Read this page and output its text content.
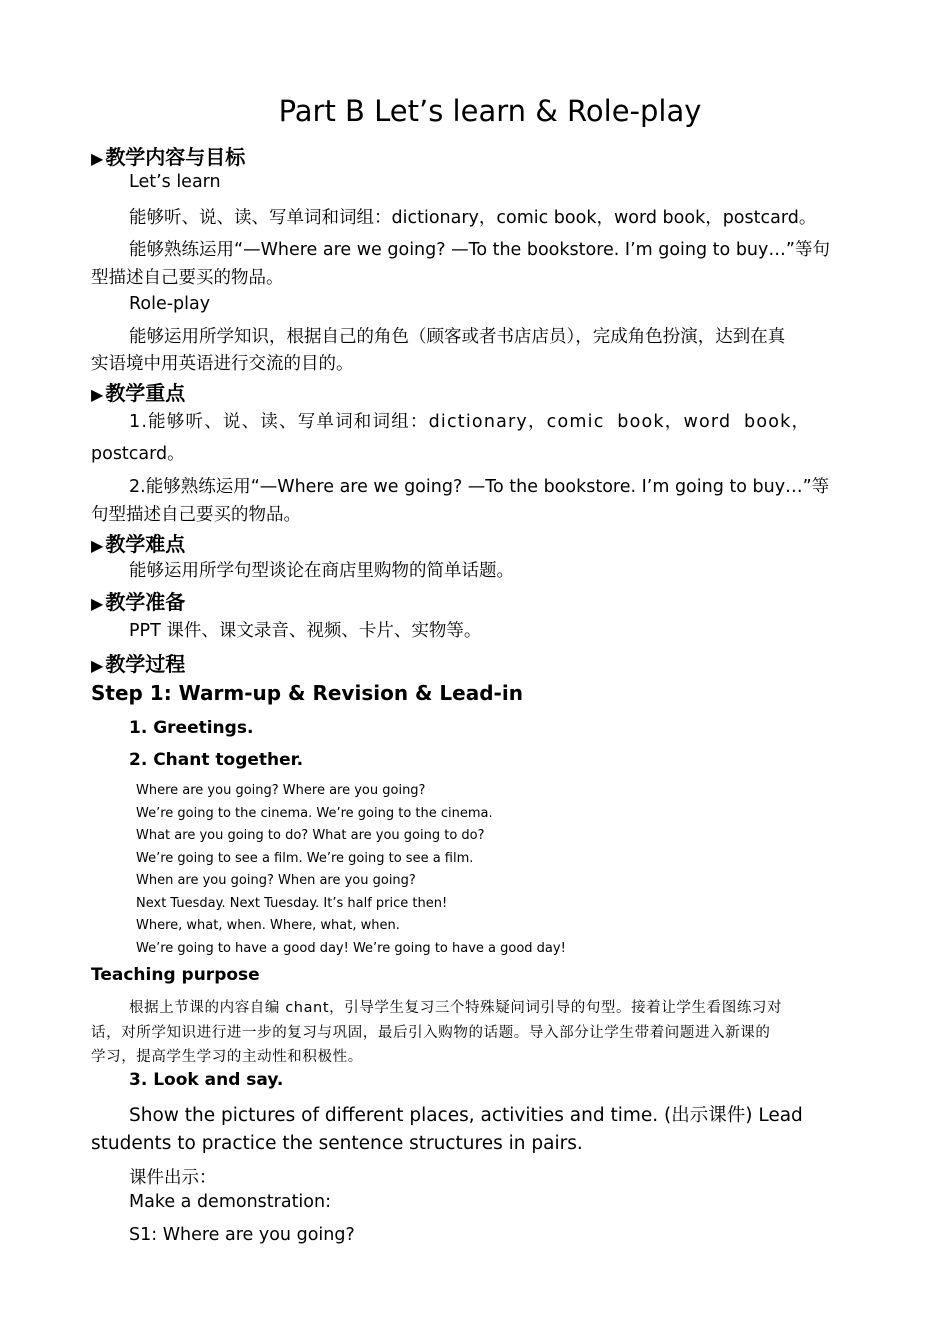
Part B Let’s learn & Role-play
▶ 教学内容与目标
Let’s learn
能够听、说、读、写单词和词组：dictionary，comic book，word book，postcard。
能够熟练运用“—Where are we going? —To the bookstore. I’m going to buy…”等句
型描述自己要买的物品。
Role-play
能够运用所学知识，根据自己的角色（顾客或者书店店员），完成角色扮演，达到在真
实语境中用英语进行交流的目的。
▶ 教学重点
1.能够听、说、读、写单词和词组：dictionary，comic book，word book，
postcard。
2.能够熟练运用“—Where are we going? —To the bookstore. I’m going to buy…”等
句型描述自己要买的物品。
▶ 教学难点
能够运用所学句型谈论在商店里购物的简单话题。
▶ 教学准备
PPT 课件、课文录音、视频、卡片、实物等。
▶ 教学过程
Step 1: Warm-up & Revision & Lead-in
1. Greetings.
2. Chant together.
Where are you going? Where are you going?
We’re going to the cinema. We’re going to the cinema.
What are you going to do? What are you going to do?
We’re going to see a film. We’re going to see a film.
When are you going? When are you going?
Next Tuesday. Next Tuesday. It’s half price then!
Where, what, when. Where, what, when.
We’re going to have a good day! We’re going to have a good day!
Teaching purpose
根据上节课的内容自编 chant，引导学生复习三个特殊疑问词引导的句型。接着让学生看图练习对
话，对所学知识进行进一步的复习与巩固，最后引入购物的话题。导入部分让学生带着问题进入新课的
学习，提高学生学习的主动性和积极性。
3. Look and say.
Show the pictures of different places, activities and time. (出示课件) Lead
students to practice the sentence structures in pairs.
课件出示：
Make a demonstration:
S1: Where are you going?
